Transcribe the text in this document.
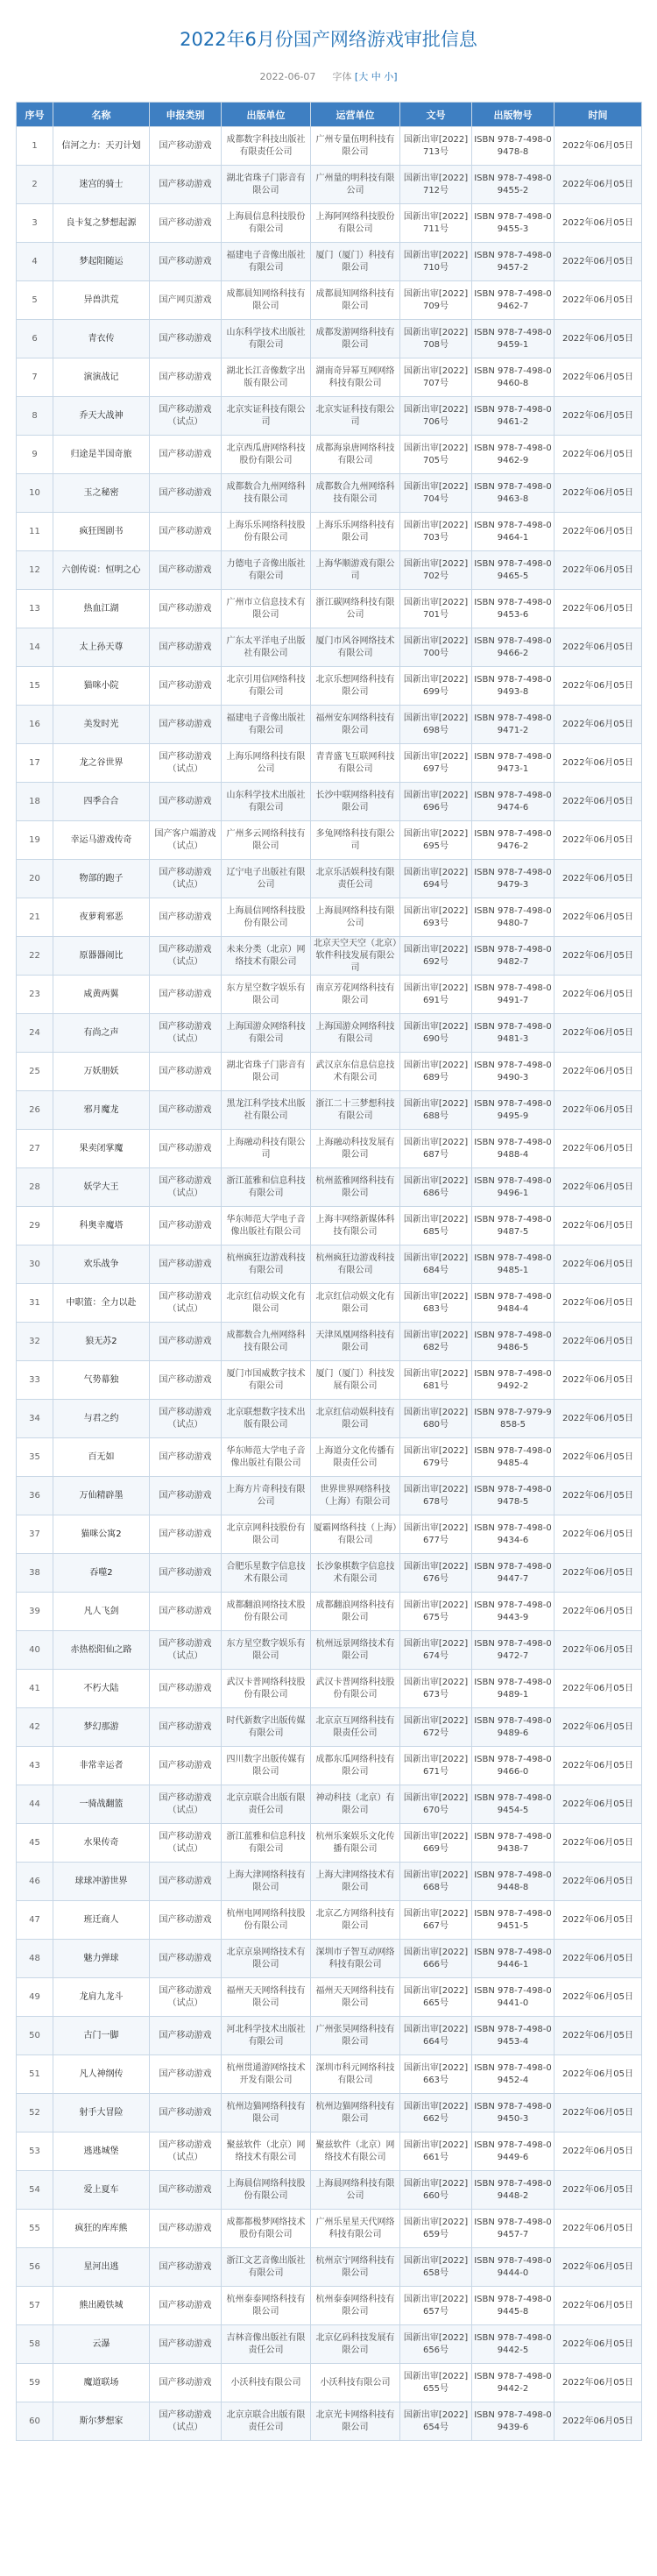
2022年6月份国产网络游戏审批信息
2022-06-07 字体 [大 中 小]
序号	名称	申报类别	出版单位	运营单位	文号	出版物号	时间
1	信河之力：天刃计划	国产移动游戏	成都数字科技出版社有限责任公司	广州专量伍明科技有限公司	国新出审[2022]713号	ISBN 978-7-498-09478-8	2022年06月05日
2	迷宫的骑士	国产移动游戏	湖北省珠子门影音有限公司	广州量的明科技有限公司	国新出审[2022]712号	ISBN 978-7-498-09455-2	2022年06月05日
3	良卡复之梦想起源	国产移动游戏	上海晨信息科技股份有限公司	上海阿网络科技股份有限公司	国新出审[2022]711号	ISBN 978-7-498-09455-3	2022年06月05日
4	梦起阳随运	国产移动游戏	福建电子音像出版社有限公司	厦门（厦门）科技有限公司	国新出审[2022]710号	ISBN 978-7-498-09457-2	2022年06月05日
5	异兽洪荒	国产网页游戏	成都晨知网络科技有限公司	成都晨知网络科技有限公司	国新出审[2022]709号	ISBN 978-7-498-09462-7	2022年06月05日
6	青衣传	国产移动游戏	山东科学技术出版社有限公司	成都发游网络科技有限公司	国新出审[2022]708号	ISBN 978-7-498-09459-1	2022年06月05日
7	演演战记	国产移动游戏	湖北长江音像数字出版有限公司	湖南奇异幂互网网络科技有限公司	国新出审[2022]707号	ISBN 978-7-498-09460-8	2022年06月05日
8	乔天大战神	国产移动游戏（试点）	北京实证科技有限公司	北京实证科技有限公司	国新出审[2022]706号	ISBN 978-7-498-09461-2	2022年06月05日
9	归途是半国奇旅	国产移动游戏	北京西瓜唐网络科技股份有限公司	成都海泉唐网络科技有限公司	国新出审[2022]705号	ISBN 978-7-498-09462-9	2022年06月05日
10	玉之秘密	国产移动游戏	成都数合九州网络科技有限公司	成都数合九州网络科技有限公司	国新出审[2022]704号	ISBN 978-7-498-09463-8	2022年06月05日
11	疯狂图剧书	国产移动游戏	上海乐乐网络科技股份有限公司	上海乐乐网络科技有限公司	国新出审[2022]703号	ISBN 978-7-498-09464-1	2022年06月05日
12	六创传说：恒明之心	国产移动游戏	力德电子音像出版社有限公司	上海华顺游戏有限公司	国新出审[2022]702号	ISBN 978-7-498-09465-5	2022年06月05日
13	热血江湖	国产移动游戏	广州市立信息技术有限公司	浙江碳网络科技有限公司	国新出审[2022]701号	ISBN 978-7-498-09453-6	2022年06月05日
14	太上孙天尊	国产移动游戏	广东太平洋电子出版社有限公司	厦门市风谷网络技术有限公司	国新出审[2022]700号	ISBN 978-7-498-09466-2	2022年06月05日
15	猫咪小院	国产移动游戏	北京引用信网络科技有限公司	北京乐想网络科技有限公司	国新出审[2022]699号	ISBN 978-7-498-09493-8	2022年06月05日
16	美发时光	国产移动游戏	福建电子音像出版社有限公司	福州安东网络科技有限公司	国新出审[2022]698号	ISBN 978-7-498-09471-2	2022年06月05日
17	龙之谷世界	国产移动游戏（试点）	上海乐网络科技有限公司	青青盛飞互联网科技有限公司	国新出审[2022]697号	ISBN 978-7-498-09473-1	2022年06月05日
18	四季合合	国产移动游戏	山东科学技术出版社有限公司	长沙中联网络科技有限公司	国新出审[2022]696号	ISBN 978-7-498-09474-6	2022年06月05日
19	幸运马游戏传奇	国产客户端游戏（试点）	广州多云网络科技有限公司	多兔网络科技有限公司	国新出审[2022]695号	ISBN 978-7-498-09476-2	2022年06月05日
20	物部的跑子	国产移动游戏（试点）	辽宁电子出版社有限公司	北京乐活娱科技有限责任公司	国新出审[2022]694号	ISBN 978-7-498-09479-3	2022年06月05日
21	夜萝莉邪恶	国产移动游戏	上海晨信网络科技股份有限公司	上海晨网络科技有限公司	国新出审[2022]693号	ISBN 978-7-498-09480-7	2022年06月05日
22	原器器闹比	国产移动游戏（试点）	未来分类（北京）网络技术有限公司	北京天空天空（北京）软件科技发展有限公司	国新出审[2022]692号	ISBN 978-7-498-09482-7	2022年06月05日
23	咸黄两翼	国产移动游戏	东方星空数字娱乐有限公司	南京芳花网络科技有限公司	国新出审[2022]691号	ISBN 978-7-498-09491-7	2022年06月05日
24	有尚之声	国产移动游戏（试点）	上海国游众网络科技有限公司	上海国游众网络科技有限公司	国新出审[2022]690号	ISBN 978-7-498-09481-3	2022年06月05日
25	万妖朋妖	国产移动游戏	湖北省珠子门影音有限公司	武汉京东信息信息技术有限公司	国新出审[2022]689号	ISBN 978-7-498-09490-3	2022年06月05日
26	邪月魔龙	国产移动游戏	黑龙江科学技术出版社有限公司	浙江二十三梦想科技有限公司	国新出审[2022]688号	ISBN 978-7-498-09495-9	2022年06月05日
27	果卖闭掌魔	国产移动游戏	上海融动科技有限公司	上海融动科技发展有限公司	国新出审[2022]687号	ISBN 978-7-498-09488-4	2022年06月05日
28	妖学大王	国产移动游戏（试点）	浙江蓝雅和信息科技有限公司	杭州蓝雅网络科技有限公司	国新出审[2022]686号	ISBN 978-7-498-09496-1	2022年06月05日
29	科奥幸魔塔	国产移动游戏	华东师范大学电子音像出版社有限公司	上海丰网络新媒体科技有限公司	国新出审[2022]685号	ISBN 978-7-498-09487-5	2022年06月05日
30	欢乐战争	国产移动游戏	杭州疯狂边游戏科技有限公司	杭州疯狂边游戏科技有限公司	国新出审[2022]684号	ISBN 978-7-498-09485-1	2022年06月05日
31	中职篮：全力以赴	国产移动游戏（试点）	北京红信动娱文化有限公司	北京红信动娱文化有限公司	国新出审[2022]683号	ISBN 978-7-498-09484-4	2022年06月05日
32	狼无苏2	国产移动游戏	成都数合九州网络科技有限公司	天津凤凰网络科技有限公司	国新出审[2022]682号	ISBN 978-7-498-09486-5	2022年06月05日
33	气势幕独	国产移动游戏	厦门市国威数字技术有限公司	厦门（厦门）科技发展有限公司	国新出审[2022]681号	ISBN 978-7-498-09492-2	2022年06月05日
34	与君之约	国产移动游戏（试点）	北京联想数字技术出版有限公司	北京红信动娱科技有限公司	国新出审[2022]680号	ISBN 978-7-979-9858-5	2022年06月05日
35	百无如	国产移动游戏	华东师范大学电子音像出版社有限公司	上海道分文化传播有限责任公司	国新出审[2022]679号	ISBN 978-7-498-09485-4	2022年06月05日
36	万仙精辟墨	国产移动游戏	上海方片奇科技有限公司	世界世界网络科技（上海）有限公司	国新出审[2022]678号	ISBN 978-7-498-09478-5	2022年06月05日
37	猫咪公寓2	国产移动游戏	北京京网科技股份有限公司	厦霸网络科技（上海）有限公司	国新出审[2022]677号	ISBN 978-7-498-09434-6	2022年06月05日
38	吞噬2	国产移动游戏	合肥乐星数字信息技术有限公司	长沙象棋数字信息技术有限公司	国新出审[2022]676号	ISBN 978-7-498-09447-7	2022年06月05日
39	凡人飞剑	国产移动游戏	成都翻浪网络技术股份有限公司	成都翻浪网络科技有限公司	国新出审[2022]675号	ISBN 978-7-498-09443-9	2022年06月05日
40	赤热松阳仙之路	国产移动游戏（试点）	东方星空数字娱乐有限公司	杭州远景网络技术有限公司	国新出审[2022]674号	ISBN 978-7-498-09472-7	2022年06月05日
41	不朽大陆	国产移动游戏	武汉卡普网络科技股份有限公司	武汉卡普网络科技股份有限公司	国新出审[2022]673号	ISBN 978-7-498-09489-1	2022年06月05日
42	梦幻那游	国产移动游戏	时代新数字出版传媒有限公司	北京京互网络科技有限责任公司	国新出审[2022]672号	ISBN 978-7-498-09489-6	2022年06月05日
43	非常幸运者	国产移动游戏	四川数字出版传媒有限公司	成都东瓜网络科技有限公司	国新出审[2022]671号	ISBN 978-7-498-09466-0	2022年06月05日
44	一骑战翻篮	国产移动游戏（试点）	北京京联合出版有限责任公司	神动科技（北京）有限公司	国新出审[2022]670号	ISBN 978-7-498-09454-5	2022年06月05日
45	水果传奇	国产移动游戏（试点）	浙江蓝雅和信息科技有限公司	杭州乐案娱乐文化传播有限公司	国新出审[2022]669号	ISBN 978-7-498-09438-7	2022年06月05日
46	球球冲游世界	国产移动游戏	上海大津网络科技有限公司	上海大津网络技术有限公司	国新出审[2022]668号	ISBN 978-7-498-09448-8	2022年06月05日
47	班迁商人	国产移动游戏	杭州电网网络科技股份有限公司	北京乙方网络科技有限公司	国新出审[2022]667号	ISBN 978-7-498-09451-5	2022年06月05日
48	魅力弹球	国产移动游戏	北京京泉网络技术有限公司	深圳市子智互动网络科技有限公司	国新出审[2022]666号	ISBN 978-7-498-09446-1	2022年06月05日
49	龙肩九龙斗	国产移动游戏（试点）	福州天天网络科技有限公司	福州天天网络科技有限公司	国新出审[2022]665号	ISBN 978-7-498-09441-0	2022年06月05日
50	古门一脚	国产移动游戏	河北科学技术出版社有限公司	广州张昊网络科技有限公司	国新出审[2022]664号	ISBN 978-7-498-09453-4	2022年06月05日
51	凡人神纲传	国产移动游戏	杭州贯通游网络技术开发有限公司	深圳市科元网络科技有限公司	国新出审[2022]663号	ISBN 978-7-498-09452-4	2022年06月05日
52	射手大冒险	国产移动游戏	杭州边猫网络科技有限公司	杭州边猫网络科技有限公司	国新出审[2022]662号	ISBN 978-7-498-09450-3	2022年06月05日
53	逃逃城堡	国产移动游戏（试点）	聚兹软件（北京）网络技术有限公司	聚兹软件（北京）网络技术有限公司	国新出审[2022]661号	ISBN 978-7-498-09449-6	2022年06月05日
54	爱上夏车	国产移动游戏	上海晨信网络科技股份有限公司	上海晨网络科技有限公司	国新出审[2022]660号	ISBN 978-7-498-09448-2	2022年06月05日
55	疯狂的库库熊	国产移动游戏	成都都极梦网络技术股份有限公司	广州乐星星天代网络科技有限公司	国新出审[2022]659号	ISBN 978-7-498-09457-7	2022年06月05日
56	星河出逃	国产移动游戏	浙江文艺音像出版社有限公司	杭州京宁网络科技有限公司	国新出审[2022]658号	ISBN 978-7-498-09444-0	2022年06月05日
57	熊出殿铁城	国产移动游戏	杭州泰泰网络科技有限公司	杭州泰泰网络科技有限公司	国新出审[2022]657号	ISBN 978-7-498-09445-8	2022年06月05日
58	云瀑	国产移动游戏	吉林音像出版社有限责任公司	北京亿码科技发展有限公司	国新出审[2022]656号	ISBN 978-7-498-09442-5	2022年06月05日
59	魔道联场	国产移动游戏	小沃科技有限公司	小沃科技有限公司	国新出审[2022]655号	ISBN 978-7-498-09442-2	2022年06月05日
60	斯尔梦想家	国产移动游戏（试点）	北京京联合出版有限责任公司	北京光卡网络科技有限公司	国新出审[2022]654号	ISBN 978-7-498-09439-6	2022年06月05日
